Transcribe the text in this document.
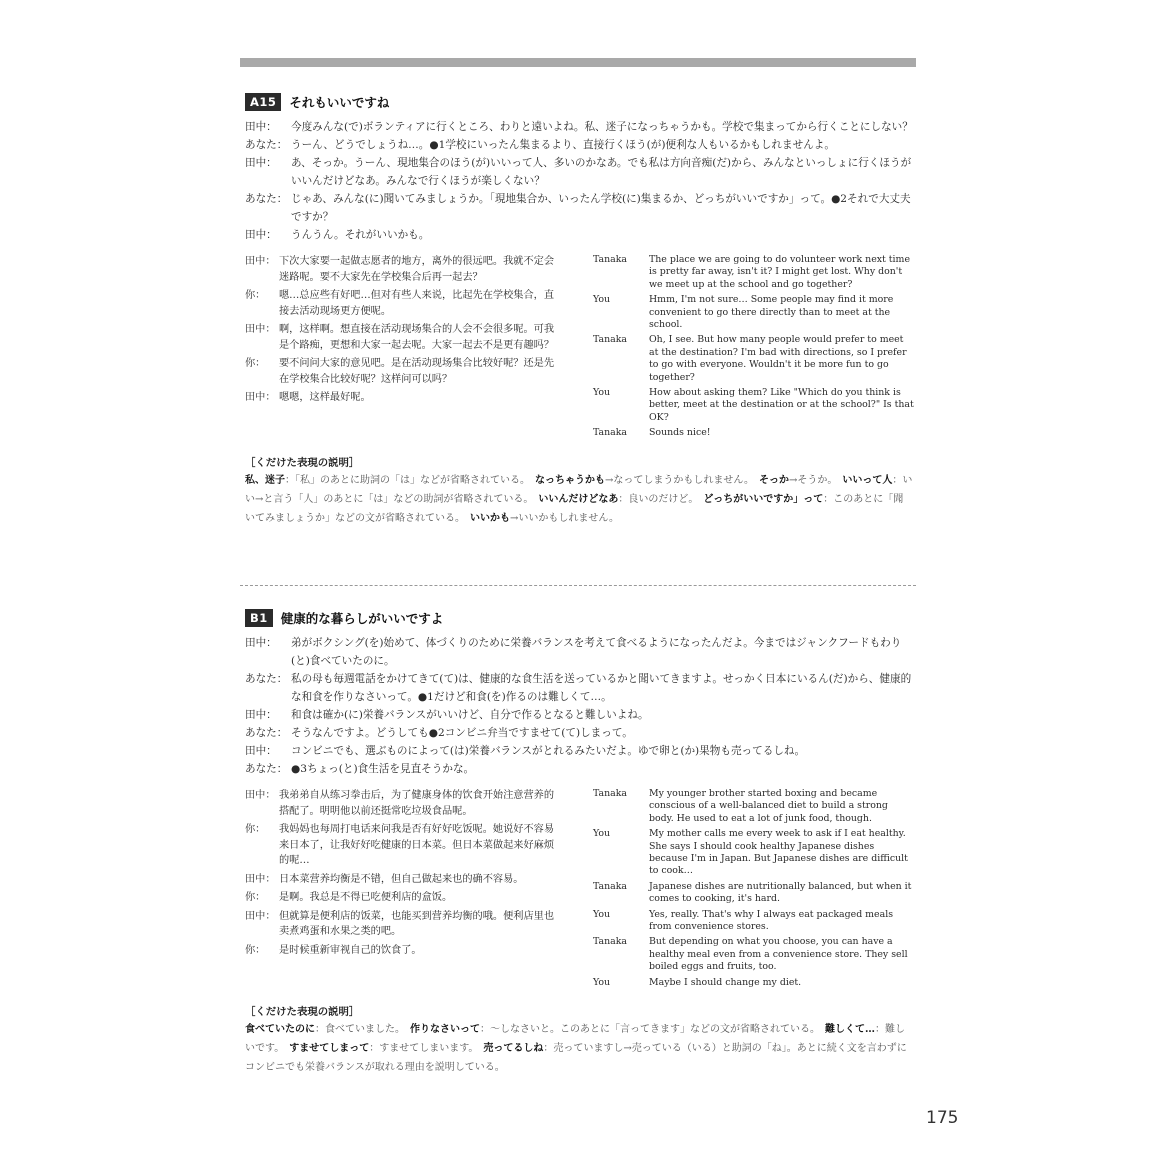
A15	それもいいですね
田中：	今度みんな(で)ボランティアに行くところ、わりと遠いよね。私、迷子になっちゃうかも。学校で集まってから行くことにしない？
あなた： うーん、どうでしょうね…。●1学校にいったん集まるより、直接行くほう(が)便利な人もいるかもしれませんよ。
田中：	あ、そっか。うーん、現地集合のほう(が)いいって人、多いのかなあ。でも私は方向音痴(だ)から、みんなといっしょに行くほうがいいんだけどなあ。みんなで行くほうが楽しくない？
あなた： じゃあ、みんな(に)聞いてみましょうか。「現地集合か、いったん学校(に)集まるか、どっちがいいですか」って。●2それで大丈夫ですか？
田中：	うんうん。それがいいかも。
田中： 下次大家要一起做志愿者的地方，离外的很远吧。我就不定会迷路呢。要不大家先在学校集合后再一起去？
你：	嗯…总应些有好吧…但对有些人来说，比起先在学校集合，直接去活动现场更方便呢。
田中： 啊，这样啊。想直接在活动现场集合的人会不会很多呢。可我是个路痴，更想和大家一起去呢。大家一起去不是更有趣吗？
你：	要不问问大家的意见吧。是在活动现场集合比较好呢？还是先在学校集合比较好呢？这样问可以吗？
田中： 嗯嗯，这样最好呢。
Tanaka	The place we are going to do volunteer work next time is pretty far away, isn't it? I might get lost. Why don't we meet up at the school and go together?
You	Hmm, I'm not sure… Some people may find it more convenient to go there directly than to meet at the school.
Tanaka	Oh, I see. But how many people would prefer to meet at the destination? I'm bad with directions, so I prefer to go with everyone. Wouldn't it be more fun to go together?
You	How about asking them? Like "Which do you think is better, meet at the destination or at the school?" Is that OK?
Tanaka	Sounds nice!
［くだけた表現の説明］
私、迷子：「私」のあとに助詞の「は」などが省略されている。　 なっちゃうかも→なってしまうかもしれません。　 そっか→そうか。　 いいって人：いい→と言う「人」のあとに「は」などの助詞が省略されている。　 いいんだけどなあ：良いのだけど。　 どっちがいいですか」って：このあとに「聞いてみましょうか」などの文が省略されている。　 いいかも→いいかもしれません。
B1	健康的な暮らしがいいですよ
田中：	弟がボクシング(を)始めて、体づくりのために栄養バランスを考えて食べるようになったんだよ。今まではジャンクフードもわり(と)食べていたのに。
あなた： 私の母も毎週電話をかけてきて(て)は、健康的な食生活を送っているかと聞いてきますよ。せっかく日本にいるん(だ)から、健康的な和食を作りなさいって。●1だけど和食(を)作るのは難しくて…。
田中：	和食は確か(に)栄養バランスがいいけど、自分で作るとなると難しいよね。
あなた： そうなんですよ。どうしても●2コンビニ弁当ですませて(て)しまって。
田中：	コンビニでも、選ぶものによって(は)栄養バランスがとれるみたいだよ。ゆで卵と(か)果物も売ってるしね。
あなた： ●3ちょっ(と)食生活を見直そうかな。
田中： 我弟弟自从练习拳击后，为了健康身体的饮食开始注意营养的搭配了。明明他以前还挺常吃垃圾食品呢。
你：	我妈妈也每周打电话来问我是否有好好吃饭呢。她说好不容易来日本了，让我好好吃健康的日本菜。但日本菜做起来好麻烦的呢…
田中： 日本菜营养均衡是不错，但自己做起来也的确不容易。
你：	是啊。我总是不得已吃便利店的盒饭。
田中： 但就算是便利店的饭菜，也能买到营养均衡的哦。便利店里也卖煮鸡蛋和水果之类的吧。
你：	是时候重新审视自己的饮食了。
Tanaka	My younger brother started boxing and became conscious of a well-balanced diet to build a strong body. He used to eat a lot of junk food, though.
You	My mother calls me every week to ask if I eat healthy. She says I should cook healthy Japanese dishes because I'm in Japan. But Japanese dishes are difficult to cook…
Tanaka	Japanese dishes are nutritionally balanced, but when it comes to cooking, it's hard.
You	Yes, really. That's why I always eat packaged meals from convenience stores.
Tanaka	But depending on what you choose, you can have a healthy meal even from a convenience store. They sell boiled eggs and fruits, too.
You	Maybe I should change my diet.
［くだけた表現の説明］
食べていたのに：食べていました。　 作りなさいって：〜しなさいと。このあとに「言ってきます」などの文が省略されている。　 難しくて…：難しいです。　 すませてしまって：すませてしまいます。　 売ってるしね：売っていますし→売っている（いる）と助詞の「ね」。あとに続く文を言わずにコンビニでも栄養バランスが取れる理由を説明している。
175
